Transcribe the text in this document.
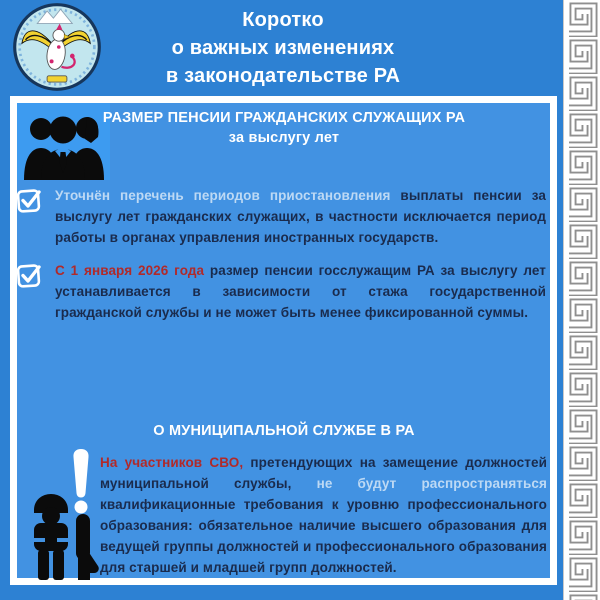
Коротко
о важных изменениях
в законодательстве РА
РАЗМЕР ПЕНСИИ ГРАЖДАНСКИХ СЛУЖАЩИХ РА
за выслугу лет
Уточнён перечень периодов приостановления выплаты пенсии за выслугу лет гражданских служащих, в частности исключается период работы в органах управления иностранных государств.
С 1 января 2026 года размер пенсии госслужащим РА за выслугу лет устанавливается в зависимости от стажа государственной гражданской службы и не может быть менее фиксированной суммы.
О МУНИЦИПАЛЬНОЙ СЛУЖБЕ В РА
На участников СВО, претендующих на замещение должностей муниципальной службы, не будут распространяться квалификационные требования к уровню профессионального образования: обязательное наличие высшего образования для ведущей группы должностей и профессионального образования для старшей и младшей групп должностей.
